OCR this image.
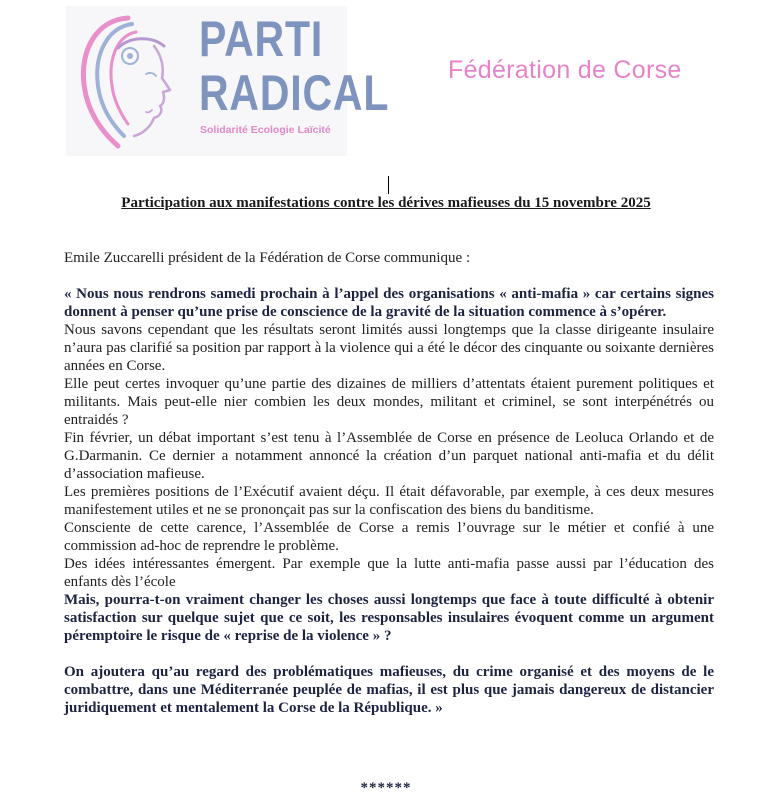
PARTI
RADICAL
Solidarité Ecologie Laïcité
Fédération de Corse
Participation aux manifestations contre les dérives mafieuses du 15 novembre 2025

Emile Zuccarelli président de la Fédération de Corse communique :

« Nous nous rendrons samedi prochain à l’appel des organisations « anti-mafia » car certains signes donnent à penser qu’une prise de conscience de la gravité de la situation commence à s’opérer.

Nous savons cependant que les résultats seront limités aussi longtemps que la classe dirigeante insulaire n’aura pas clarifié sa position par rapport à la violence qui a été le décor des cinquante ou soixante dernières années en Corse.

Elle peut certes invoquer qu’une partie des dizaines de milliers d’attentats étaient purement politiques et militants. Mais peut-elle nier combien les deux mondes, militant et criminel, se sont interpénétrés ou entraidés ?

Fin février, un débat important s’est tenu à l’Assemblée de Corse en présence de Leoluca Orlando et de G.Darmanin. Ce dernier a notamment annoncé la création d’un parquet national anti-mafia et du délit d’association mafieuse.

Les premières positions de l’Exécutif avaient déçu. Il était défavorable, par exemple, à ces deux mesures manifestement utiles et ne se prononçait pas sur la confiscation des biens du banditisme.

Consciente de cette carence, l’Assemblée de Corse a remis l’ouvrage sur le métier et confié à une commission ad-hoc de reprendre le problème.

Des idées intéressantes émergent. Par exemple que la lutte anti-mafia passe aussi par l’éducation des enfants dès l’école

Mais, pourra-t-on vraiment changer les choses aussi longtemps que face à toute difficulté à obtenir satisfaction sur quelque sujet que ce soit, les responsables insulaires évoquent comme un argument péremptoire le risque de « reprise de la violence » ?

On ajoutera qu’au regard des problématiques mafieuses, du crime organisé et des moyens de le combattre, dans une Méditerranée peuplée de mafias, il est plus que jamais dangereux de distancier juridiquement et mentalement la Corse de la République. »

******
